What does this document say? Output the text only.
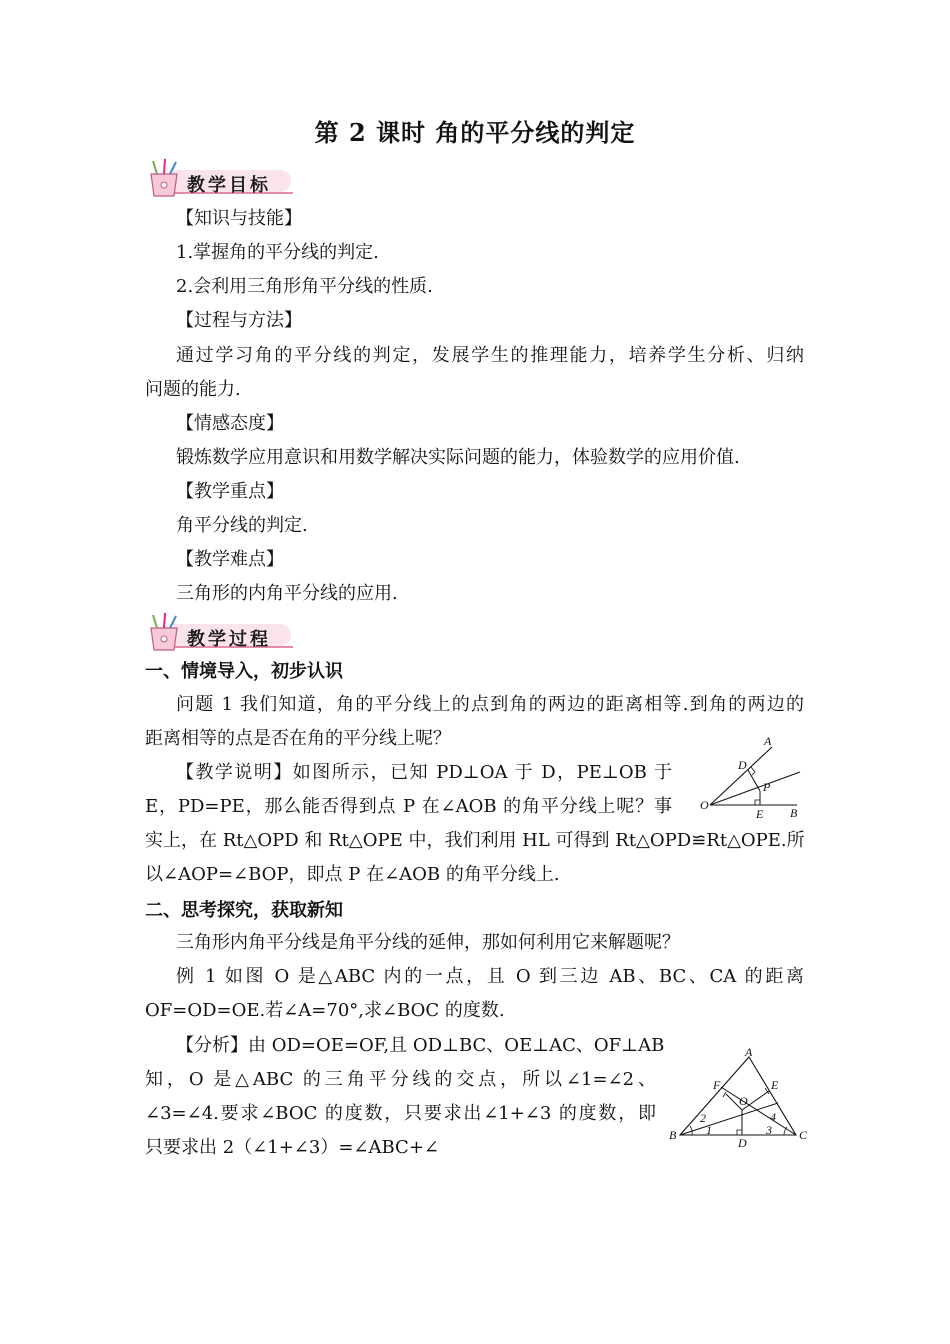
第 2 课时 角的平分线的判定
教学目标
【知识与技能】
1.掌握角的平分线的判定.
2.会利用三角形角平分线的性质.
【过程与方法】
通过学习角的平分线的判定，发展学生的推理能力，培养学生分析、归纳
问题的能力.
【情感态度】
锻炼数学应用意识和用数学解决实际问题的能力，体验数学的应用价值.
【教学重点】
角平分线的判定.
【教学难点】
三角形的内角平分线的应用.
教学过程
一、情境导入，初步认识
问题 1 我们知道，角的平分线上的点到角的两边的距离相等.到角的两边的
距离相等的点是否在角的平分线上呢？
【教学说明】如图所示，已知 PD⊥OA 于 D，PE⊥OB 于
E，PD=PE，那么能否得到点 P 在∠AOB 的角平分线上呢？事
实上，在 Rt△OPD 和 Rt△OPE 中，我们利用 HL 可得到 Rt△OPD≌Rt△OPE.所
以∠AOP=∠BOP，即点 P 在∠AOB 的角平分线上.
A
D
P
O
E B
二、思考探究，获取新知
三角形内角平分线是角平分线的延伸，那如何利用它来解题呢？
例 1 如图 O 是△ABC 内的一点，且 O 到三边 AB、BC、CA 的距离
OF=OD=OE.若∠A=70°,求∠BOC 的度数.
【分析】由 OD=OE=OF,且 OD⊥BC、OE⊥AC、OF⊥AB
知，O 是△ABC 的三角平分线的交点，所以∠1=∠2、
∠3=∠4.要求∠BOC 的度数，只要求出∠1+∠3 的度数，即
只要求出 2（∠1+∠3）=∠ABC+∠
A
F	E
O
B	C
D
1
2
3
4
